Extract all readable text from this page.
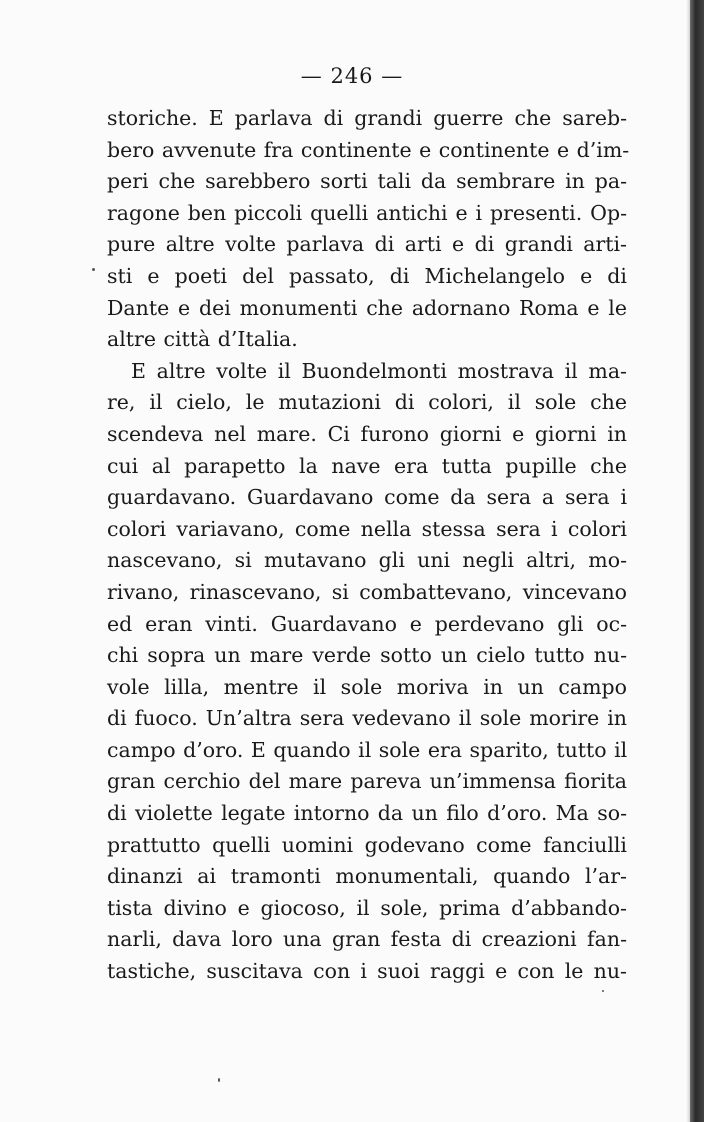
— 246 —
storiche. E parlava di grandi guerre che sareb-
bero avvenute fra continente e continente e d’im-
peri che sarebbero sorti tali da sembrare in pa-
ragone ben piccoli quelli antichi e i presenti. Op-
pure altre volte parlava di arti e di grandi arti-
sti e poeti del passato, di Michelangelo e di
Dante e dei monumenti che adornano Roma e le
altre città d’Italia.
E altre volte il Buondelmonti mostrava il ma-
re, il cielo, le mutazioni di colori, il sole che
scendeva nel mare. Ci furono giorni e giorni in
cui al parapetto la nave era tutta pupille che
guardavano. Guardavano come da sera a sera i
colori variavano, come nella stessa sera i colori
nascevano, si mutavano gli uni negli altri, mo-
rivano, rinascevano, si combattevano, vincevano
ed eran vinti. Guardavano e perdevano gli oc-
chi sopra un mare verde sotto un cielo tutto nu-
vole lilla, mentre il sole moriva in un campo
di fuoco. Un’altra sera vedevano il sole morire in
campo d’oro. E quando il sole era sparito, tutto il
gran cerchio del mare pareva un’immensa fiorita
di violette legate intorno da un filo d’oro. Ma so-
prattutto quelli uomini godevano come fanciulli
dinanzi ai tramonti monumentali, quando l’ar-
tista divino e giocoso, il sole, prima d’abbando-
narli, dava loro una gran festa di creazioni fan-
tastiche, suscitava con i suoi raggi e con le nu-
